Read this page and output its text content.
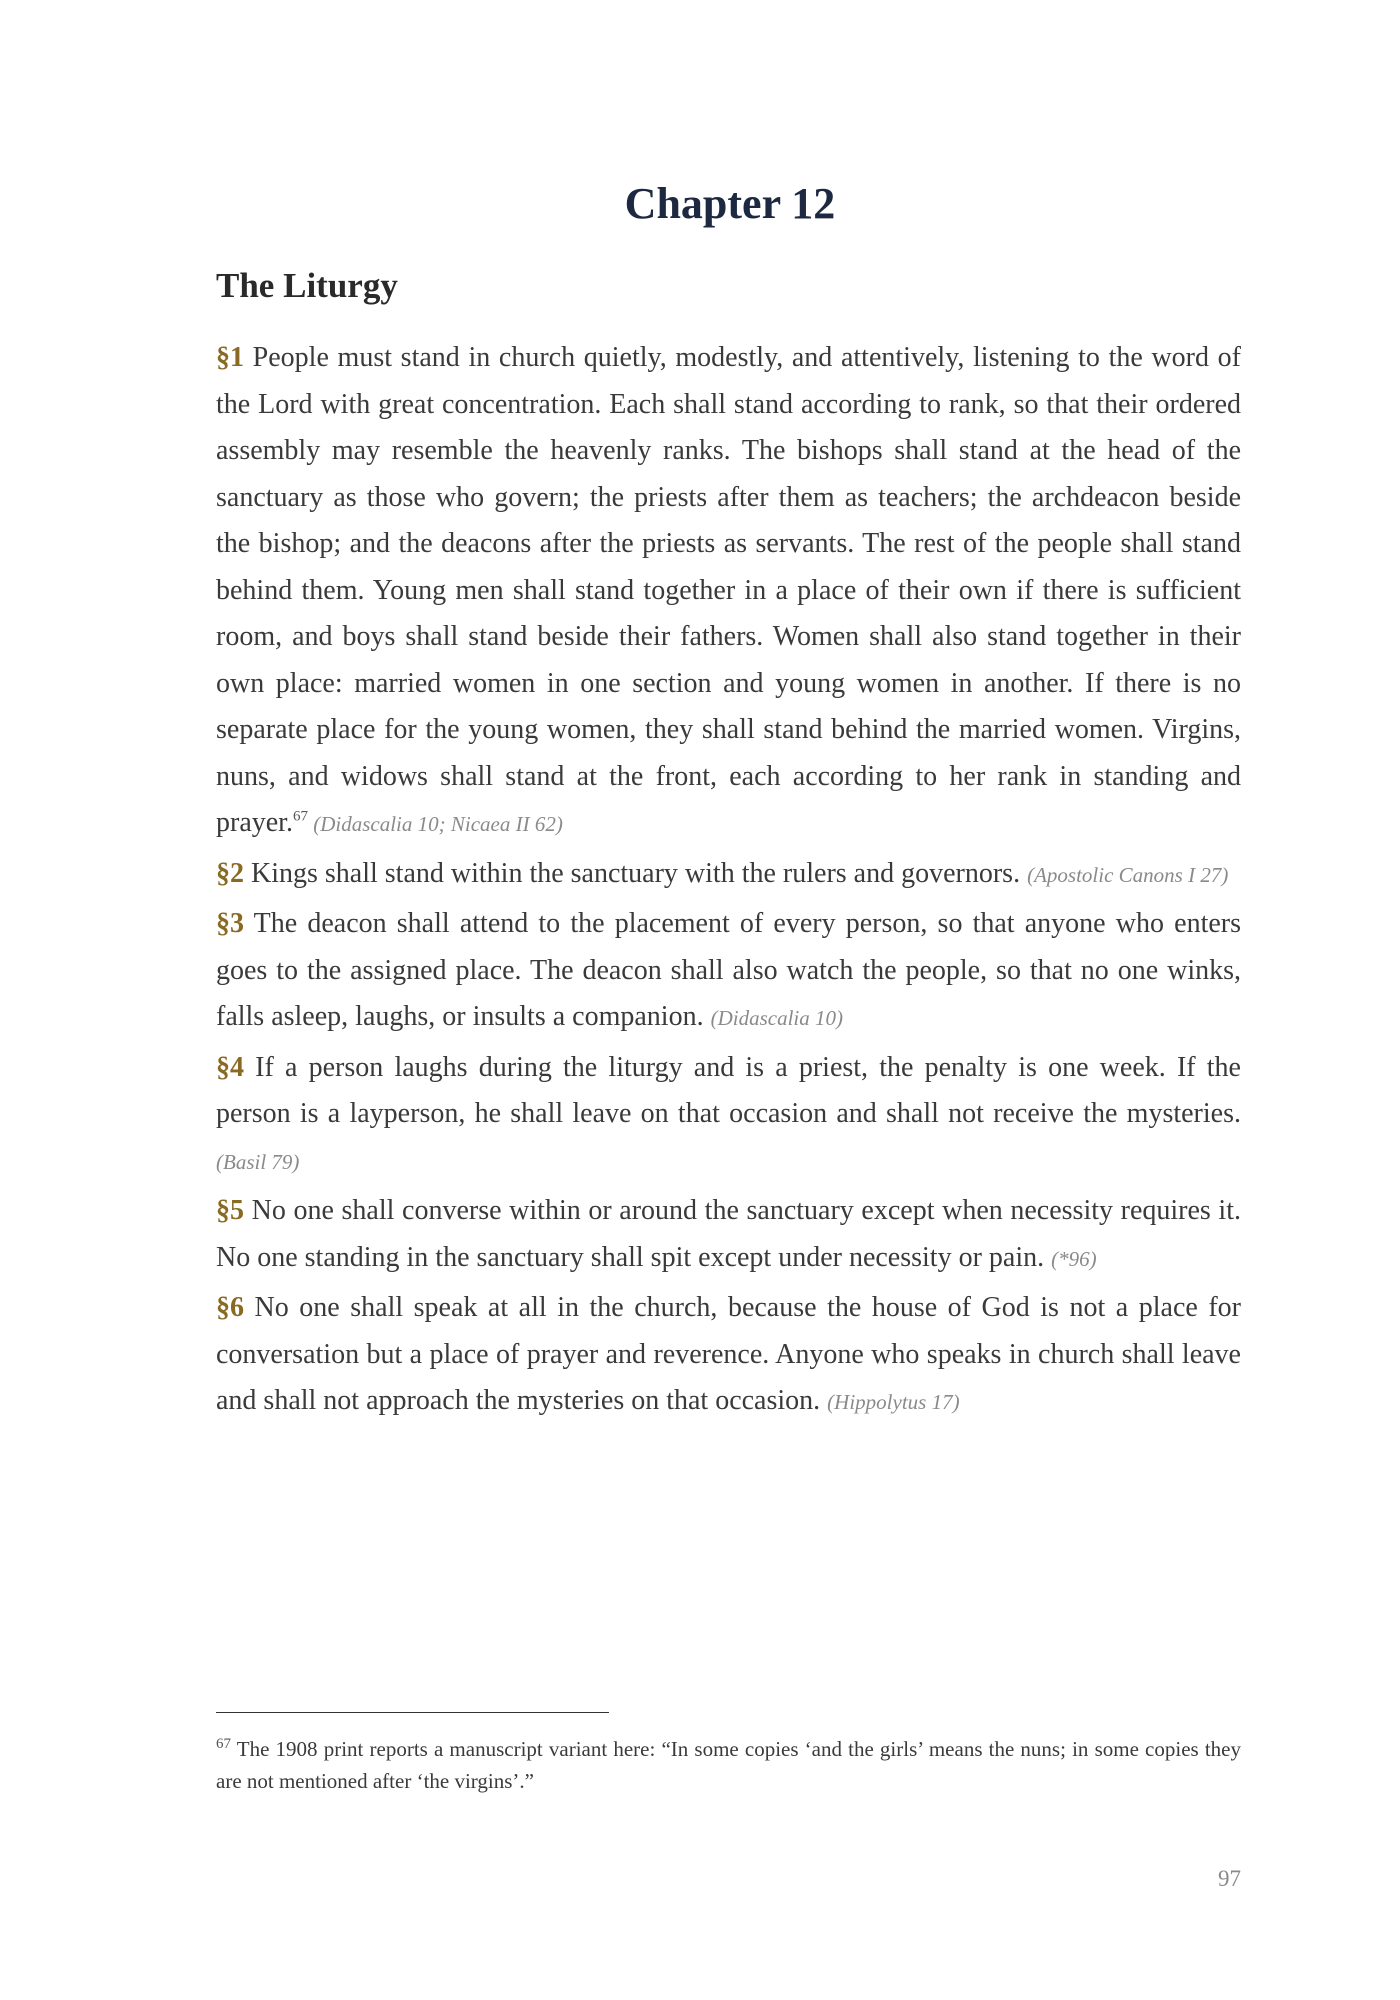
Chapter 12
The Liturgy

§1 People must stand in church quietly, modestly, and attentively, listening to the word of the Lord with great concentration. Each shall stand according to rank, so that their ordered assembly may resemble the heavenly ranks. The bishops shall stand at the head of the sanctuary as those who govern; the priests after them as teachers; the archdeacon beside the bishop; and the deacons after the priests as servants. The rest of the people shall stand behind them. Young men shall stand together in a place of their own if there is sufficient room, and boys shall stand beside their fathers. Women shall also stand together in their own place: married women in one section and young women in another. If there is no separate place for the young women, they shall stand behind the married women. Virgins, nuns, and widows shall stand at the front, each according to her rank in standing and prayer.$^{67}$ (Didascalia 10; Nicaea II 62)

§2 Kings shall stand within the sanctuary with the rulers and governors. (Apostolic Canons I 27)

§3 The deacon shall attend to the placement of every person, so that anyone who enters goes to the assigned place. The deacon shall also watch the people, so that no one winks, falls asleep, laughs, or insults a companion. (Didascalia 10)

§4 If a person laughs during the liturgy and is a priest, the penalty is one week. If the person is a layperson, he shall leave on that occasion and shall not receive the mysteries. (Basil 79)

§5 No one shall converse within or around the sanctuary except when necessity requires it. No one standing in the sanctuary shall spit except under necessity or pain. (*96)

§6 No one shall speak at all in the church, because the house of God is not a place for conversation but a place of prayer and reverence. Anyone who speaks in church shall leave and shall not approach the mysteries on that occasion. (Hippolytus 17)

$^{67}$ The 1908 print reports a manuscript variant here: “In some copies ‘and the girls’ means the nuns; in some copies they are not mentioned after ‘the virgins’.”
97
